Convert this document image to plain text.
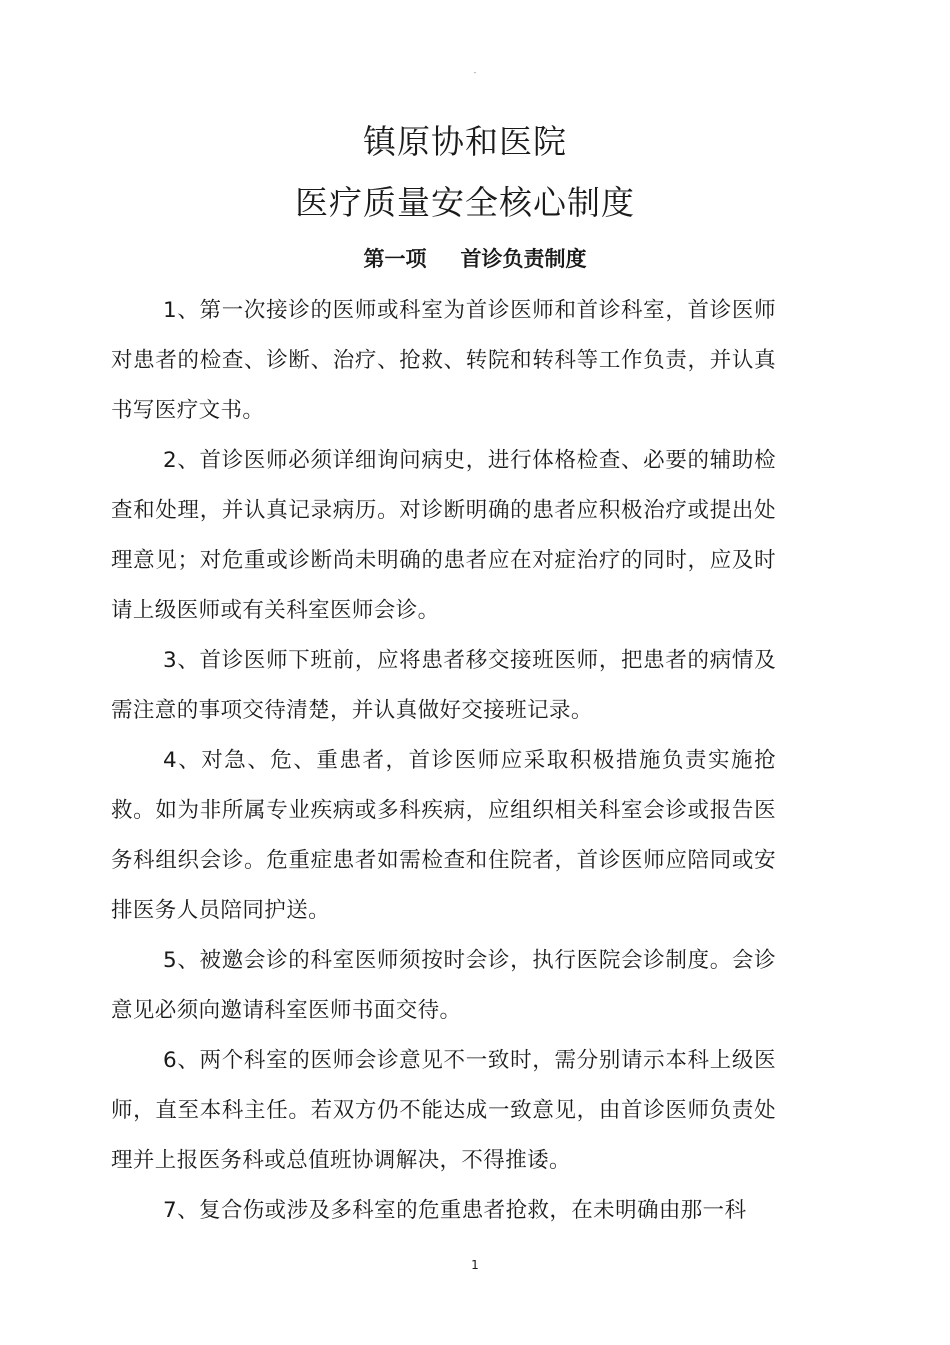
-
镇原协和医院
医疗质量安全核心制度
第一项 首诊负责制度

1、第一次接诊的医师或科室为首诊医师和首诊科室，首诊医师对患者的检查、诊断、治疗、抢救、转院和转科等工作负责，并认真书写医疗文书。

2、首诊医师必须详细询问病史，进行体格检查、必要的辅助检查和处理，并认真记录病历。对诊断明确的患者应积极治疗或提出处理意见；对危重或诊断尚未明确的患者应在对症治疗的同时，应及时请上级医师或有关科室医师会诊。

3、首诊医师下班前，应将患者移交接班医师，把患者的病情及需注意的事项交待清楚，并认真做好交接班记录。

4、对急、危、重患者，首诊医师应采取积极措施负责实施抢救。如为非所属专业疾病或多科疾病，应组织相关科室会诊或报告医务科组织会诊。危重症患者如需检查和住院者，首诊医师应陪同或安排医务人员陪同护送。

5、被邀会诊的科室医师须按时会诊，执行医院会诊制度。会诊意见必须向邀请科室医师书面交待。

6、两个科室的医师会诊意见不一致时，需分别请示本科上级医师，直至本科主任。若双方仍不能达成一致意见，由首诊医师负责处理并上报医务科或总值班协调解决，不得推诿。

7、复合伤或涉及多科室的危重患者抢救，在未明确由那一科

1
